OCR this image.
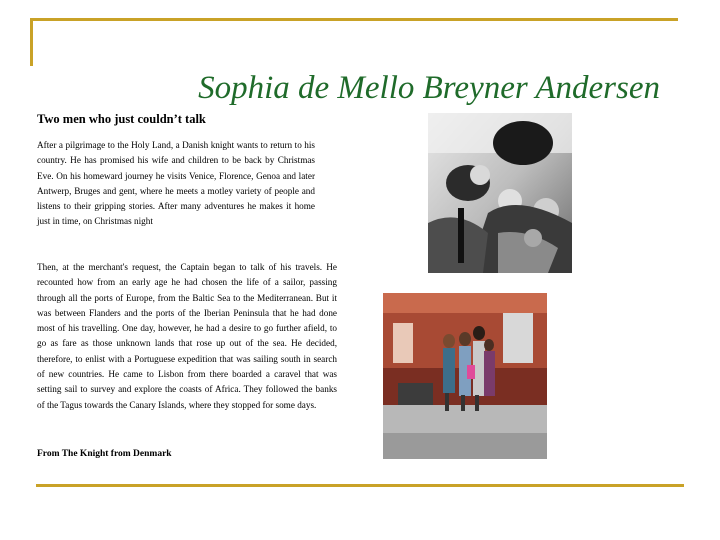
Sophia de Mello Breyner Andersen
Two men who just couldn’t talk

After a pilgrimage to the Holy Land, a Danish knight wants to return to his country. He has promised his wife and children to be back by Christmas Eve. On his homeward journey he visits Venice, Florence, Genoa and later Antwerp, Bruges and gent, where he meets a motley variety of people and listens to their gripping stories. After many adventures he makes it home just in time, on Christmas night

Then, at the merchant's request, the Captain began to talk of his travels. He recounted how from an early age he had chosen the life of a sailor, passing through all the ports of Europe, from the Baltic Sea to the Mediterranean. But it was between Flanders and the ports of the Iberian Peninsula that he had done most of his travelling. One day, however, he had a desire to go further afield, to go as fare as those unknown lands that rose up out of the sea. He decided, therefore, to enlist with a Portuguese expedition that was sailing south in search of new countries. He came to Lisbon from there boarded a caravel that was setting sail to survey and explore the coasts of Africa. They followed the banks of the Tagus towards the Canary Islands, where they stopped for some days.

From The Knight from Denmark
